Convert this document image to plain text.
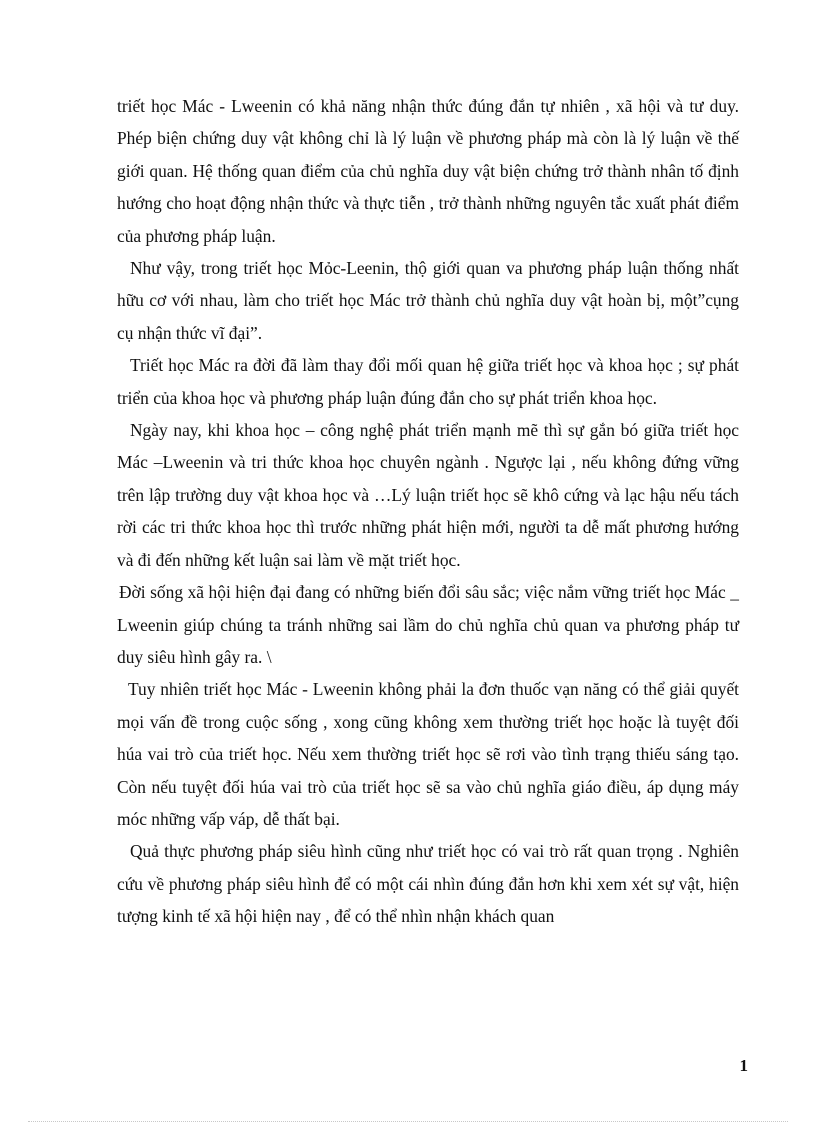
triết học Mác - Lweenin có khả năng nhận thức đúng đắn tự nhiên , xã hội và tư duy. Phép biện chứng duy vật không chỉ là lý luận về phương pháp mà còn là lý luận về thế giới quan. Hệ thống quan điểm của chủ nghĩa duy vật biện chứng trở thành nhân tố định hướng cho hoạt động nhận thức và thực tiễn , trở thành những nguyên tắc xuất phát điểm của phương pháp luận.

Như vậy, trong triết học Mỏc-Leenin, thộ giới quan va phương pháp luận thống nhất hữu cơ với nhau, làm cho triết học Mác trở thành chủ nghĩa duy vật hoàn bị, một”cụng cụ nhận thức vĩ đại”.

Triết học Mác ra đời đã làm thay đổi mối quan hệ giữa triết học và khoa học ; sự phát triển của khoa học và phương pháp luận đúng đắn cho sự phát triển khoa học.

Ngày nay, khi khoa học – công nghệ phát triển mạnh mẽ thì sự gắn bó giữa triết học Mác –Lweenin và tri thức khoa học chuyên ngành . Ngược lại , nếu không đứng vững trên lập trường duy vật khoa học và …Lý luận triết học sẽ khô cứng và lạc hậu nếu tách rời các tri thức khoa học thì trước những phát hiện mới, người ta dễ mất phương hướng và đi đến những kết luận sai làm về mặt triết học.

Đời sống xã hội hiện đại đang có những biến đổi sâu sắc; việc nắm vững triết học Mác _ Lweenin giúp chúng ta tránh những sai lầm do chủ nghĩa chủ quan va phương pháp tư duy siêu hình gây ra. \

Tuy nhiên triết học Mác - Lweenin không phải la đơn thuốc vạn năng có thể giải quyết mọi vấn đề trong cuộc sống , xong cũng không xem thường triết học hoặc là tuyệt đối húa vai trò của triết học. Nếu xem thường triết học sẽ rơi vào tình trạng thiếu sáng tạo. Còn nếu tuyệt đối húa vai trò của triết học sẽ sa vào chủ nghĩa giáo điều, áp dụng máy móc những vấp váp, dễ thất bại.

Quả thực phương pháp siêu hình cũng như triết học có vai trò rất quan trọng . Nghiên cứu về phương pháp siêu hình để có một cái nhìn đúng đắn hơn khi xem xét sự vật, hiện tượng kinh tế xã hội hiện nay , để có thể nhìn nhận khách quan

1
